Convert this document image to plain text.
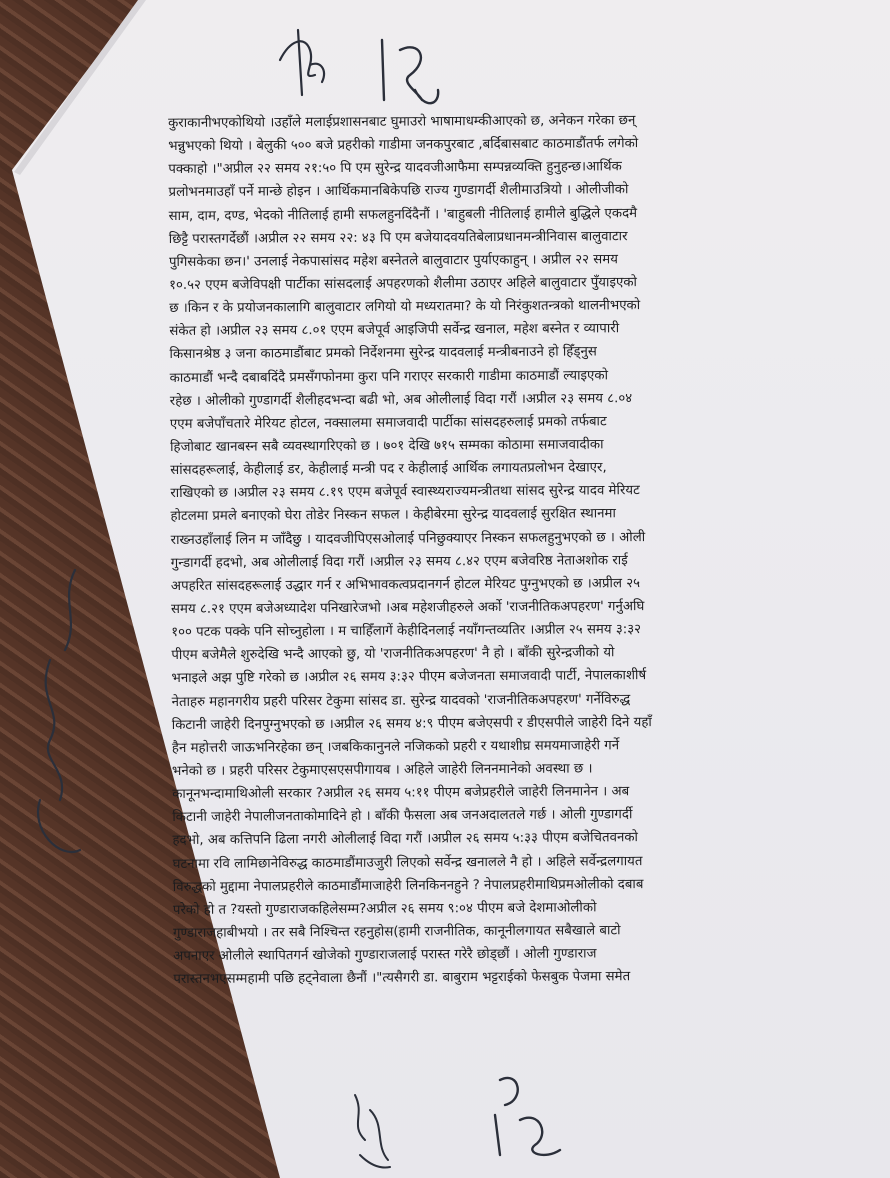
कुराकानीभएकोथियो ।उहाँले मलाईप्रशासनबाट घुमाउरो भाषामाधम्कीआएको छ, अनेकन गरेका छन्
भन्नुभएको थियो । बेलुकी ५०० बजे प्रहरीको गाडीमा जनकपुरबाट ,बर्दिबासबाट काठमाडौंतर्फ लगेको
पक्काहो ।"अप्रील २२ समय २१:५० पि एम सुरेन्द्र यादवजीआफैमा सम्पन्नव्यक्ति हुनुहन्छ।आर्थिक
प्रलोभनमाउहाँ पर्ने मान्छे होइन । आर्थिकमानबिकेपछि राज्य गुण्डागर्दी शैलीमाउत्रियो । ओलीजीको
साम, दाम, दण्ड, भेदको नीतिलाई हामी सफलहुनदिंदैनौं । 'बाहुबली नीतिलाई हामीले बुद्धिले एकदमै
छिट्टै परास्तगर्देछौं ।अप्रील २२ समय २२: ४३ पि एम बजेयादवयतिबेलाप्रधानमन्त्रीनिवास बालुवाटार
पुगिसकेका छन।' उनलाई नेकपासांसद महेश बस्नेतले बालुवाटार पुर्याएकाहुन् । अप्रील २२ समय
१०.५२ एएम बजेविपक्षी पार्टीका सांसदलाई अपहरणको शैलीमा उठाएर अहिले बालुवाटार पुँयाइएको
छ ।किन र के प्रयोजनकालागि बालुवाटार लगियो यो मध्यरातमा? के यो निरंकुशतन्त्रको थालनीभएको
संकेत हो ।अप्रील २३ समय ८.०१ एएम बजेपूर्व आइजिपी सर्वेन्द्र खनाल, महेश बस्नेत र व्यापारी
किसानश्रेष्ठ ३ जना काठमाडौंबाट प्रमको निर्देशनमा सुरेन्द्र यादवलाई मन्त्रीबनाउने हो हिँड्नुस
काठमाडौं भन्दै दबाबदिंदै प्रमसँगफोनमा कुरा पनि गराएर सरकारी गाडीमा काठमाडौं ल्याइएको
रहेछ । ओलीको गुण्डागर्दी शैलीहदभन्दा बढी भो, अब ओलीलाई विदा गरौं ।अप्रील २३ समय ८.०४
एएम बजेपाँचतारे मेरियट होटल, नक्सालमा समाजवादी पार्टीका सांसदहरुलाई प्रमको तर्फबाट
हिजोबाट खानबस्न सबै व्यवस्थागरिएको छ । ७०१ देखि ७१५ सम्मका कोठामा समाजवादीका
सांसदहरूलाई, केहीलाई डर, केहीलाई मन्त्री पद र केहीलाई आर्थिक लगायतप्रलोभन देखाएर,
राखिएको छ ।अप्रील २३ समय ८.१९ एएम बजेपूर्व स्वास्थ्यराज्यमन्त्रीतथा सांसद सुरेन्द्र यादव मेरियट
होटलमा प्रमले बनाएको घेरा तोडेर निस्कन सफल । केहीबेरमा सुरेन्द्र यादवलाई सुरक्षित स्थानमा
राख्नउहाँलाई लिन म जाँदैछु । यादवजीपिएसओलाई पनिछुक्याएर निस्कन सफलहुनुभएको छ । ओली
गुन्डागर्दी हदभो, अब ओलीलाई विदा गरौं ।अप्रील २३ समय ८.४२ एएम बजेवरिष्ठ नेताअशोक राई
अपहरित सांसदहरूलाई उद्धार गर्न र अभिभावकत्वप्रदानगर्न होटल मेरियट पुग्नुभएको छ ।अप्रील २५
समय ८.२१ एएम बजेअध्यादेश पनिखारेजभो ।अब महेशजीहरुले अर्को 'राजनीतिकअपहरण' गर्नुअघि
१०० पटक पक्के पनि सोच्नुहोला । म चाहिँलागें केहीदिनलाई नयाँगन्तव्यतिर ।अप्रील २५ समय ३:३२
पीएम बजेमैले शुरुदेखि भन्दै आएको छु, यो 'राजनीतिकअपहरण' नै हो । बाँकी सुरेन्द्रजीको यो
भनाइले अझ पुष्टि गरेको छ ।अप्रील २६ समय ३:३२ पीएम बजेजनता समाजवादी पार्टी, नेपालकाशीर्ष
नेताहरु महानगरीय प्रहरी परिसर टेकुमा सांसद डा. सुरेन्द्र यादवको 'राजनीतिकअपहरण' गर्नेविरुद्ध
किटानी जाहेरी दिनपुग्नुभएको छ ।अप्रील २६ समय ४:९ पीएम बजेएसपी र डीएसपीले जाहेरी दिने यहाँ
हैन महोत्तरी जाऊभनिरहेका छन् ।जबकिकानुनले नजिकको प्रहरी र यथाशीघ्र समयमाजाहेरी गर्ने
भनेको छ । प्रहरी परिसर टेकुमाएसएसपीगायब । अहिले जाहेरी लिननमानेको अवस्था छ ।
कानूनभन्दामाथिओली सरकार ?अप्रील २६ समय ५:११ पीएम बजेप्रहरीले जाहेरी लिनमानेन । अब
किटानी जाहेरी नेपालीजनताकोमादिने हो । बाँकी फैसला अब जनअदालतले गर्छ । ओली गुण्डागर्दी
हदभो, अब कत्तिपनि ढिला नगरी ओलीलाई विदा गरौं ।अप्रील २६ समय ५:३३ पीएम बजेचितवनको
घटनामा रवि लामिछानेविरुद्ध काठमाडौंमाउजुरी लिएको सर्वेन्द्र खनालले नै हो । अहिले सर्वेन्द्रलगायत
विरुद्धको मुद्दामा नेपालप्रहरीले काठमाडौंमाजाहेरी लिनकिननहुने ? नेपालप्रहरीमाथिप्रमओलीको दबाब
परेको हो त ?यस्तो गुण्डाराजकहिलेसम्म?अप्रील २६ समय ९:०४ पीएम बजे देशमाओलीको
गुण्डाराजहाबीभयो । तर सबै निश्चिन्त रहनुहोस(हामी राजनीतिक, कानूनीलगायत सबैखाले बाटो
अपनाएर ओलीले स्थापितगर्न खोजेको गुण्डाराजलाई परास्त गरेरै छोड्छौं । ओली गुण्डाराज
परास्तनभएसम्महामी पछि हट्नेवाला छैनौं ।"त्यसैगरी डा. बाबुराम भट्टराईको फेसबुक पेजमा समेत
